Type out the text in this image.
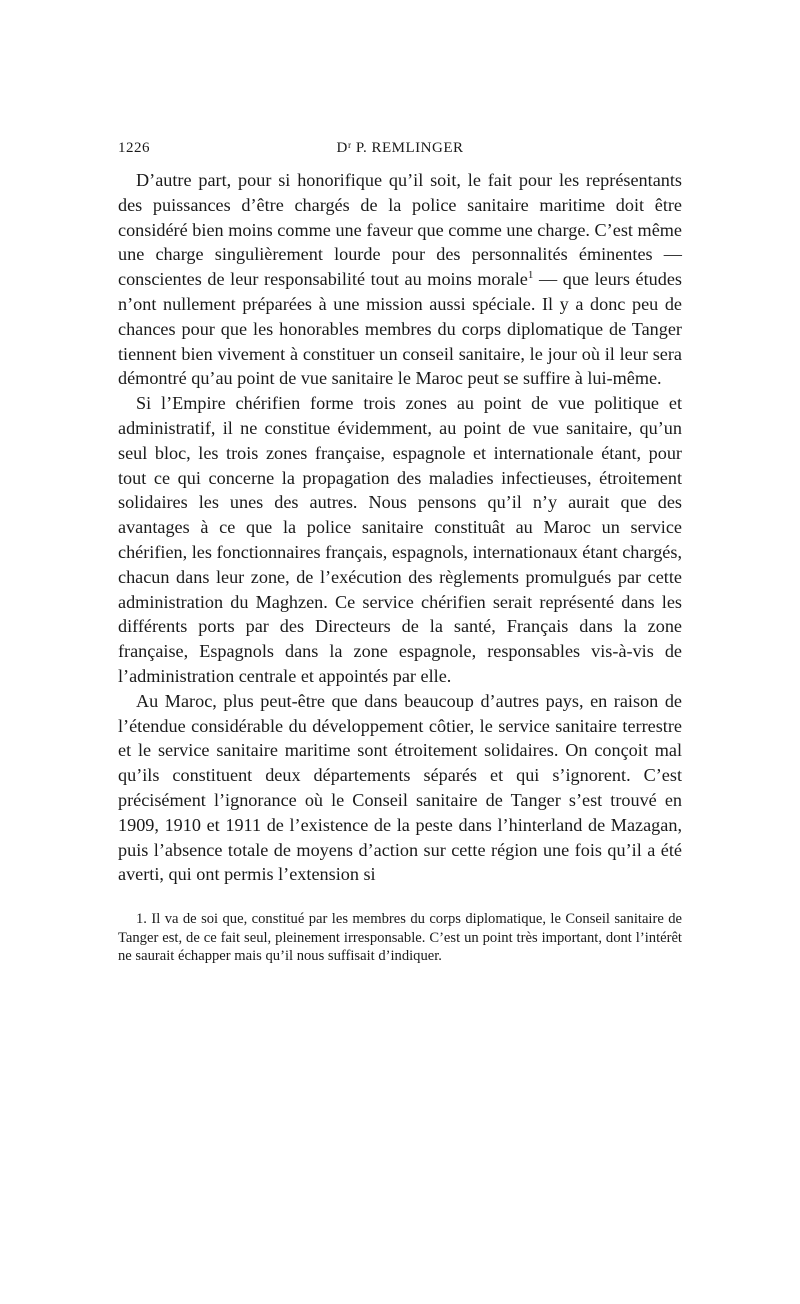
1226	Dʳ P. REMLINGER

D’autre part, pour si honorifique qu’il soit, le fait pour les représentants des puissances d’être chargés de la police sanitaire maritime doit être considéré bien moins comme une faveur que comme une charge. C’est même une charge singulièrement lourde pour des personnalités éminentes — conscientes de leur responsabilité tout au moins morale$^1$ — que leurs études n’ont nullement préparées à une mission aussi spéciale. Il y a donc peu de chances pour que les honorables membres du corps diplomatique de Tanger tiennent bien vivement à constituer un conseil sanitaire, le jour où il leur sera démontré qu’au point de vue sanitaire le Maroc peut se suffire à lui-même.

Si l’Empire chérifien forme trois zones au point de vue politique et administratif, il ne constitue évidemment, au point de vue sanitaire, qu’un seul bloc, les trois zones française, espagnole et internationale étant, pour tout ce qui concerne la propagation des maladies infectieuses, étroitement solidaires les unes des autres. Nous pensons qu’il n’y aurait que des avantages à ce que la police sanitaire constituât au Maroc un service chérifien, les fonctionnaires français, espagnols, internationaux étant chargés, chacun dans leur zone, de l’exécution des règlements promulgués par cette administration du Maghzen. Ce service chérifien serait représenté dans les différents ports par des Directeurs de la santé, Français dans la zone française, Espagnols dans la zone espagnole, responsables vis-à-vis de l’administration centrale et appointés par elle.

Au Maroc, plus peut-être que dans beaucoup d’autres pays, en raison de l’étendue considérable du développement côtier, le service sanitaire terrestre et le service sanitaire maritime sont étroitement solidaires. On conçoit mal qu’ils constituent deux départements séparés et qui s’ignorent. C’est précisément l’ignorance où le Conseil sanitaire de Tanger s’est trouvé en 1909, 1910 et 1911 de l’existence de la peste dans l’hinterland de Mazagan, puis l’absence totale de moyens d’action sur cette région une fois qu’il a été averti, qui ont permis l’extension si

1. Il va de soi que, constitué par les membres du corps diplomatique, le Conseil sanitaire de Tanger est, de ce fait seul, pleinement irresponsable. C’est un point très important, dont l’intérêt ne saurait échapper mais qu’il nous suffisait d’indiquer.
